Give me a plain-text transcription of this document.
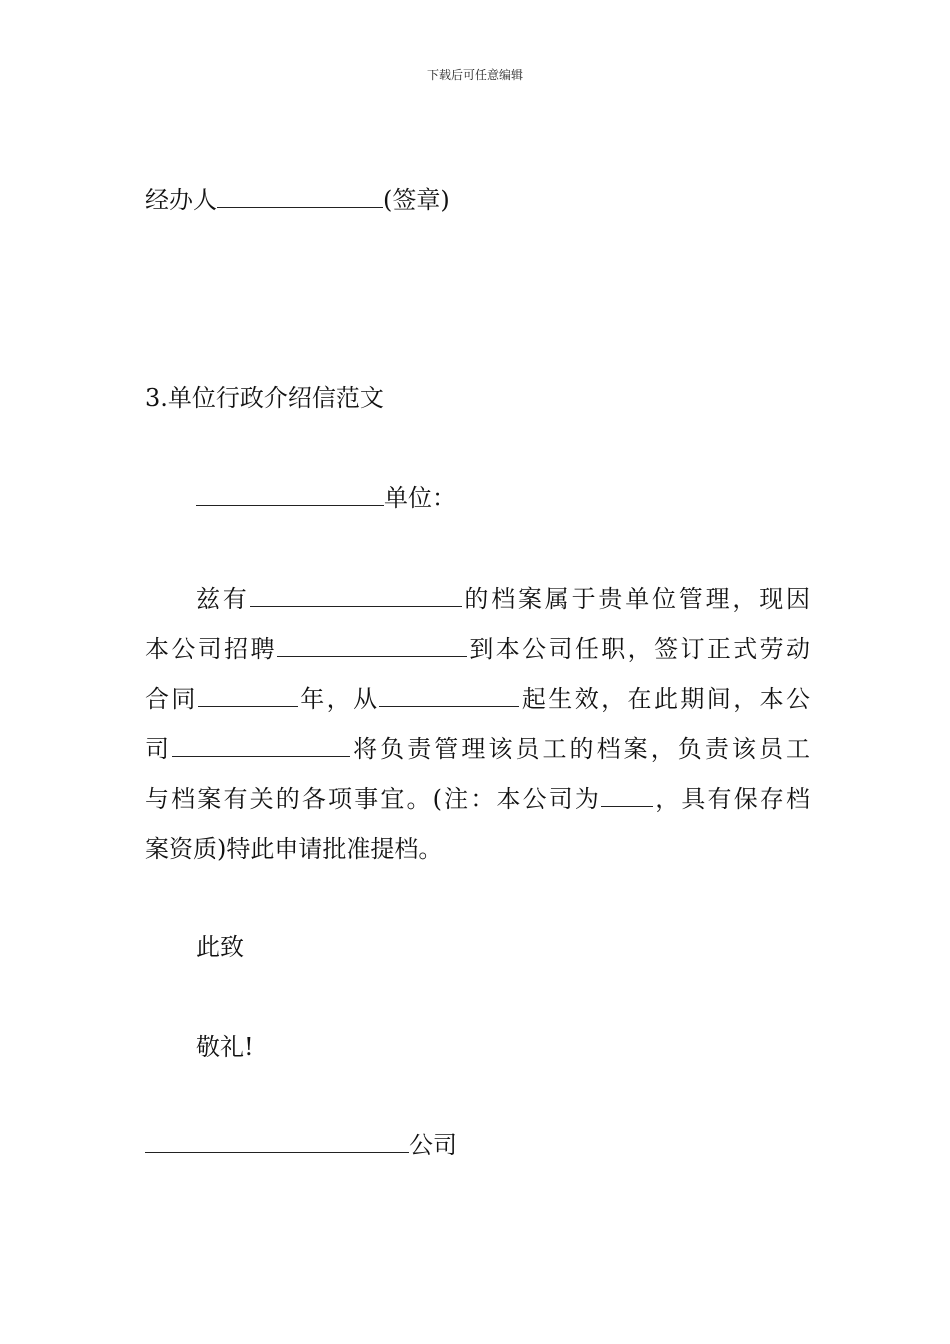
下载后可任意编辑
经办人	(签章)
3.单位行政介绍信范文
单位：
兹有	的档案属于贵单位管理，现因
本公司招聘	到本公司任职，签订正式劳动
合同	年，从	起生效，在此期间，本公
司	将负责管理该员工的档案，负责该员工
与档案有关的各项事宜。(注：本公司为 ，具有保存档
案资质)特此申请批准提档。
此致
敬礼!
公司
